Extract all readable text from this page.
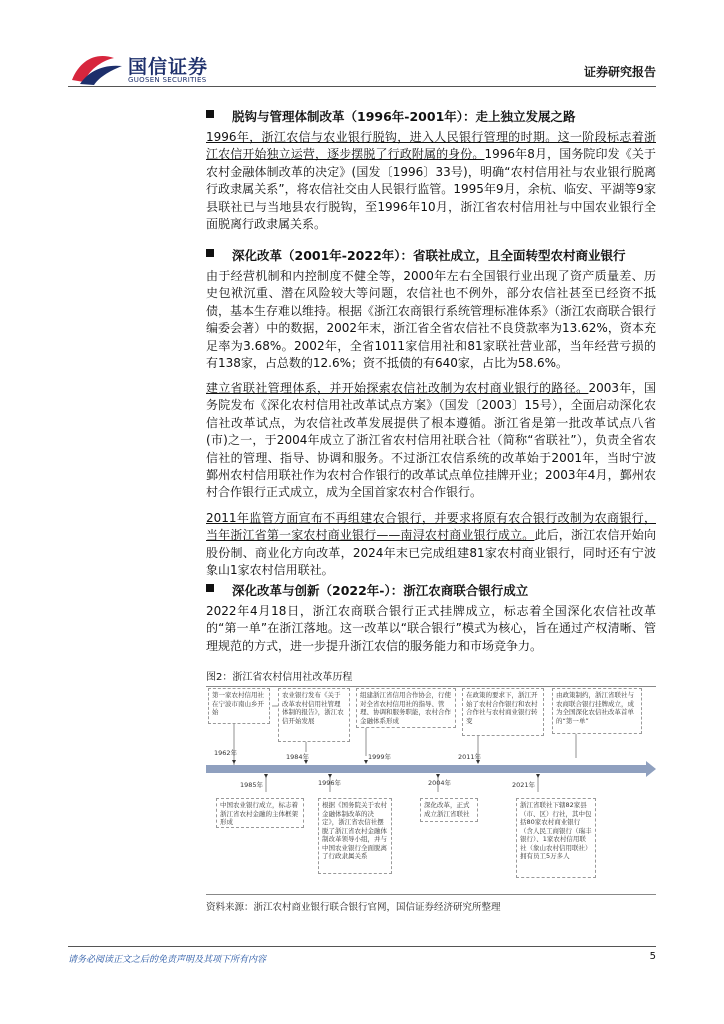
国信证券
GUOSEN SECURITIES
证券研究报告
脱钩与管理体制改革（1996年-2001年）：走上独立发展之路

1996年，浙江农信与农业银行脱钩，进入人民银行管理的时期。这一阶段标志着浙江农信开始独立运营，逐步摆脱了行政附属的身份。1996年8月，国务院印发《关于农村金融体制改革的决定》(国发〔1996〕33号)，明确“农村信用社与农业银行脱离行政隶属关系”，将农信社交由人民银行监管。1995年9月，余杭、临安、平湖等9家县联社已与当地县农行脱钩，至1996年10月，浙江省农村信用社与中国农业银行全面脱离行政隶属关系。

深化改革（2001年-2022年）：省联社成立，且全面转型农村商业银行

由于经营机制和内控制度不健全等，2000年左右全国银行业出现了资产质量差、历史包袱沉重、潜在风险较大等问题，农信社也不例外，部分农信社甚至已经资不抵债，基本生存难以维持。根据《浙江农商银行系统管理标准体系》（浙江农商联合银行编委会著）中的数据，2002年末，浙江省全省农信社不良贷款率为13.62%，资本充足率为3.68%。2002年，全省1011家信用社和81家联社营业部，当年经营亏损的有138家，占总数的12.6%；资不抵债的有640家，占比为58.6%。

建立省联社管理体系，并开始探索农信社改制为农村商业银行的路径。2003年，国务院发布《深化农村信用社改革试点方案》（国发〔2003〕15号），全面启动深化农信社改革试点，为农信社改革发展提供了根本遵循。浙江省是第一批改革试点八省(市)之一，于2004年成立了浙江省农村信用社联合社（简称“省联社”），负责全省农信社的管理、指导、协调和服务。不过浙江农信系统的改革始于2001年，当时宁波鄞州农村信用联社作为农村合作银行的改革试点单位挂牌开业；2003年4月，鄞州农村合作银行正式成立，成为全国首家农村合作银行。

2011年监管方面宣布不再组建农合银行，并要求将原有农合银行改制为农商银行，当年浙江省第一家农村商业银行——南浔农村商业银行成立。此后，浙江农信开始向股份制、商业化方向改革，2024年末已完成组建81家农村商业银行，同时还有宁波象山1家农村信用联社。

深化改革与创新（2022年-）：浙江农商联合银行成立

2022年4月18日，浙江农商联合银行正式挂牌成立，标志着全国深化农信社改革的“第一单”在浙江落地。这一改革以“联合银行”模式为核心，旨在通过产权清晰、管理规范的方式，进一步提升浙江农信的服务能力和市场竞争力。

图2：浙江省农村信用社改革历程
第一家农村信用社在宁波市南山乡开始
农业银行发布《关于改革农村信用社管理体制的报告》，浙江农信开始发展
组建浙江省信用合作协会，行使对全省农村信用社的指导、管理、协调和服务职能，农村合作金融体系形成
在政策的要求下，浙江开始了农村合作银行和农村合作社与农村商业银行转变
由政策制约，浙江省联社与农商联合银行挂牌成立，成为全国深化农信社改革首单的“第一单”
1962年	1984年	1999年	2011年
1985年	1996年	2004年	2021年
中国农业银行成立，标志着浙江省农村金融的主体框架形成
根据《国务院关于农村金融体制改革的决定》，浙江省农信社摆脱了浙江省农村金融体制改革领导小组，并与中国农业银行全面脱离了行政隶属关系
深化改革，正式成立浙江省联社
浙江省联社下辖82家县（市、区）行社，其中包括80家农村商业银行（含人民工商银行（瑞丰银行）、1家农村信用联社（象山农村信用联社）拥有员工5万多人
资料来源：浙江农村商业银行联合银行官网，国信证券经济研究所整理
请务必阅读正文之后的免责声明及其项下所有内容	5
